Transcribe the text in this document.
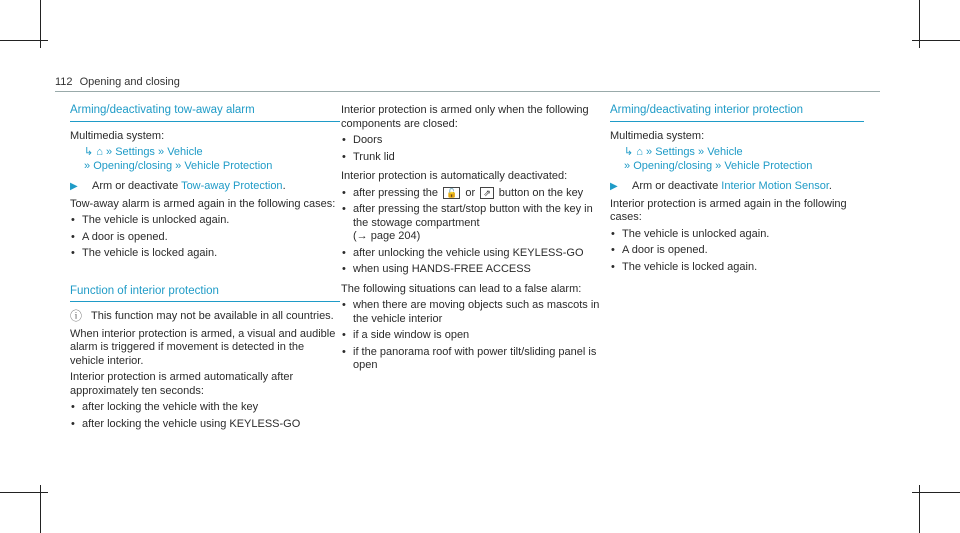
112 Opening and closing
Arming/deactivating tow-away alarm
Multimedia system:
↳ ⌂ » Settings » Vehicle
» Opening/closing » Vehicle Protection
▶	Arm or deactivate Tow-away Protection.
Tow-away alarm is armed again in the following cases:
• The vehicle is unlocked again.
• A door is opened.
• The vehicle is locked again.
Function of interior protection
ⓘ This function may not be available in all countries.
When interior protection is armed, a visual and audible alarm is triggered if movement is detected in the vehicle interior.
Interior protection is armed automatically after approximately ten seconds:
• after locking the vehicle with the key
• after locking the vehicle using KEYLESS-GO
Interior protection is armed only when the following components are closed:
• Doors
• Trunk lid
Interior protection is automatically deactivated:
• after pressing the 🔓 or ⇗ button on the key
• after pressing the start/stop button with the key in the stowage compartment
(→ page 204)
• after unlocking the vehicle using KEYLESS-GO
• when using HANDS-FREE ACCESS
The following situations can lead to a false alarm:
• when there are moving objects such as mascots in the vehicle interior
• if a side window is open
• if the panorama roof with power tilt/sliding panel is open
Arming/deactivating interior protection
Multimedia system:
↳ ⌂ » Settings » Vehicle
» Opening/closing » Vehicle Protection
▶	Arm or deactivate Interior Motion Sensor.
Interior protection is armed again in the following cases:
• The vehicle is unlocked again.
• A door is opened.
• The vehicle is locked again.
